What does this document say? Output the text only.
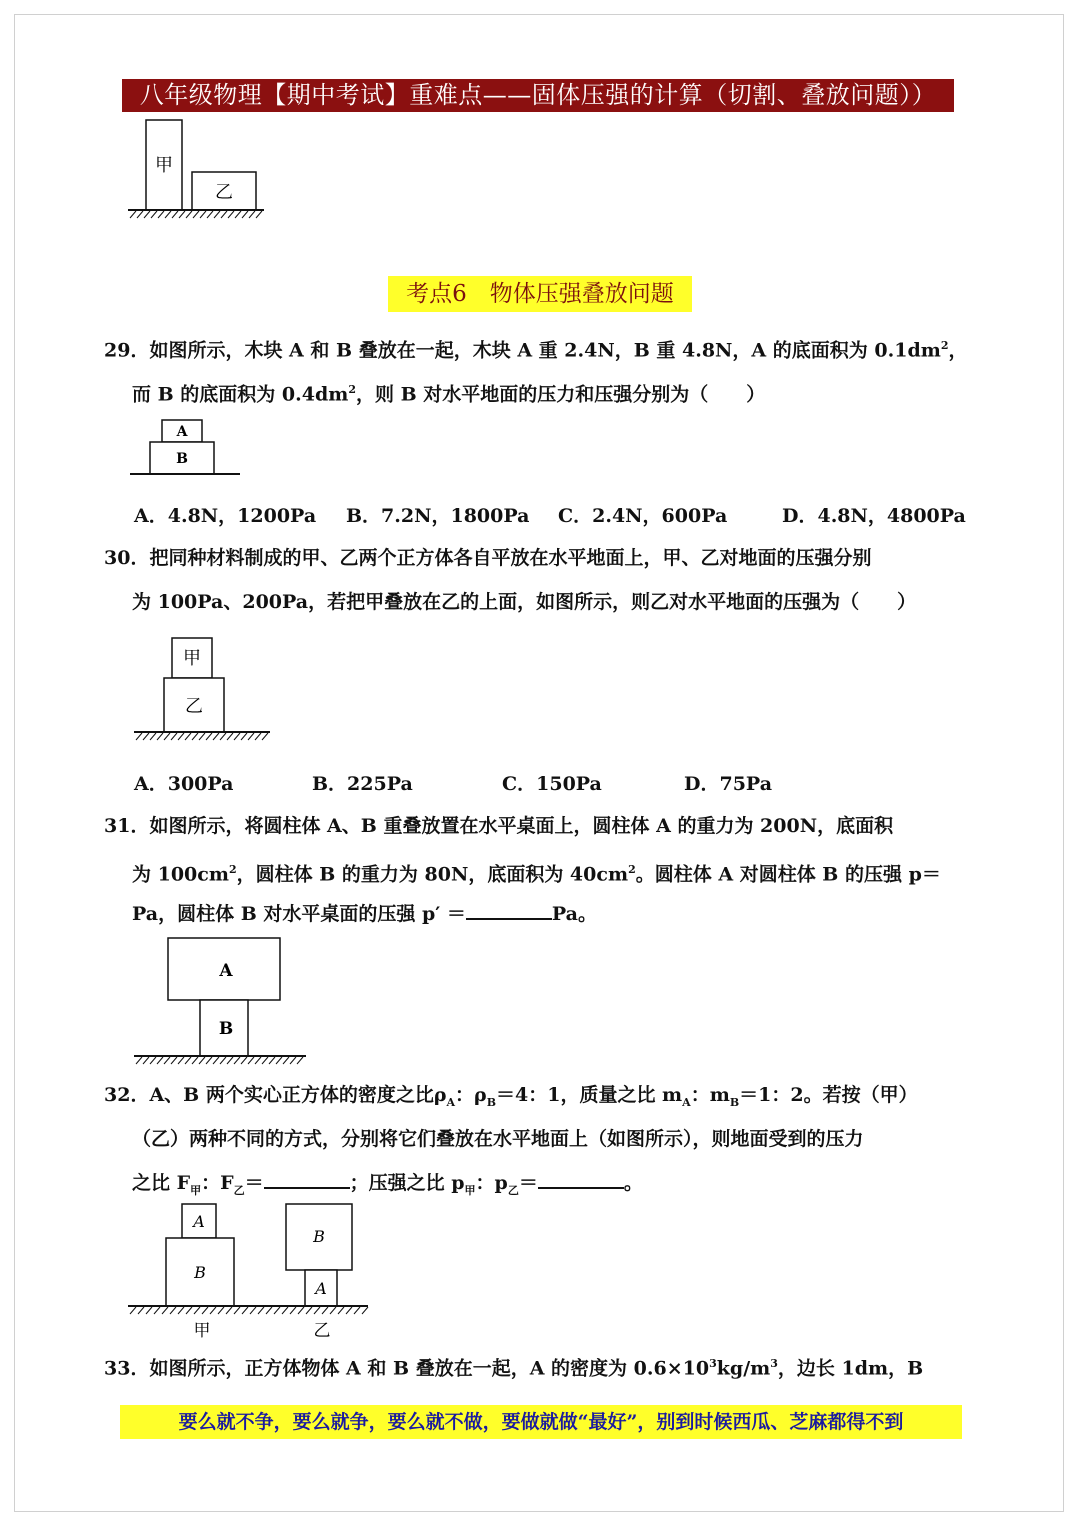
八年级物理【期中考试】重难点——固体压强的计算（切割、叠放问题））
甲
乙
考点6　物体压强叠放问题
29．如图所示，木块 A 和 B 叠放在一起，木块 A 重 2.4N，B 重 4.8N，A 的底面积为 $0.1dm^2$，
而 B 的底面积为 $0.4dm^2$，则 B 对水平地面的压力和压强分别为（　　）
A
B
A．4.8N，1200Pa B．7.2N，1800Pa C．2.4N，600Pa	D．4.8N，4800Pa
30．把同种材料制成的甲、乙两个正方体各自平放在水平地面上，甲、乙对地面的压强分别
为 100Pa、200Pa，若把甲叠放在乙的上面，如图所示，则乙对水平地面的压强为（　　）
甲
乙
A．300Pa	B．225Pa	C．150Pa	D．75Pa
31．如图所示，将圆柱体 A、B 重叠放置在水平桌面上，圆柱体 A 的重力为 200N，底面积
为 $100cm^2$，圆柱体 B 的重力为 80N，底面积为 $40cm^2$。圆柱体 A 对圆柱体 B 的压强 p＝
Pa，圆柱体 B 对水平桌面的压强 p′ ＝	Pa。
A
B
32．A、B 两个实心正方体的密度之比$\rho_A$：$\rho_B=4$：1，质量之比 $m_A$：$m_B=1$：2。若按（甲）
（乙）两种不同的方式，分别将它们叠放在水平地面上（如图所示），则地面受到的压力
之比 $F_甲$：$F_乙=$	；压强之比 $p_甲$：$p_乙=$	。
A
B
B
A
甲	乙
33．如图所示，正方体物体 A 和 B 叠放在一起，A 的密度为 $0.6\times 10^3kg/m^3$，边长 1dm，B
要么就不争，要么就争，要么就不做，要做就做“最好”，别到时候西瓜、芝麻都得不到
